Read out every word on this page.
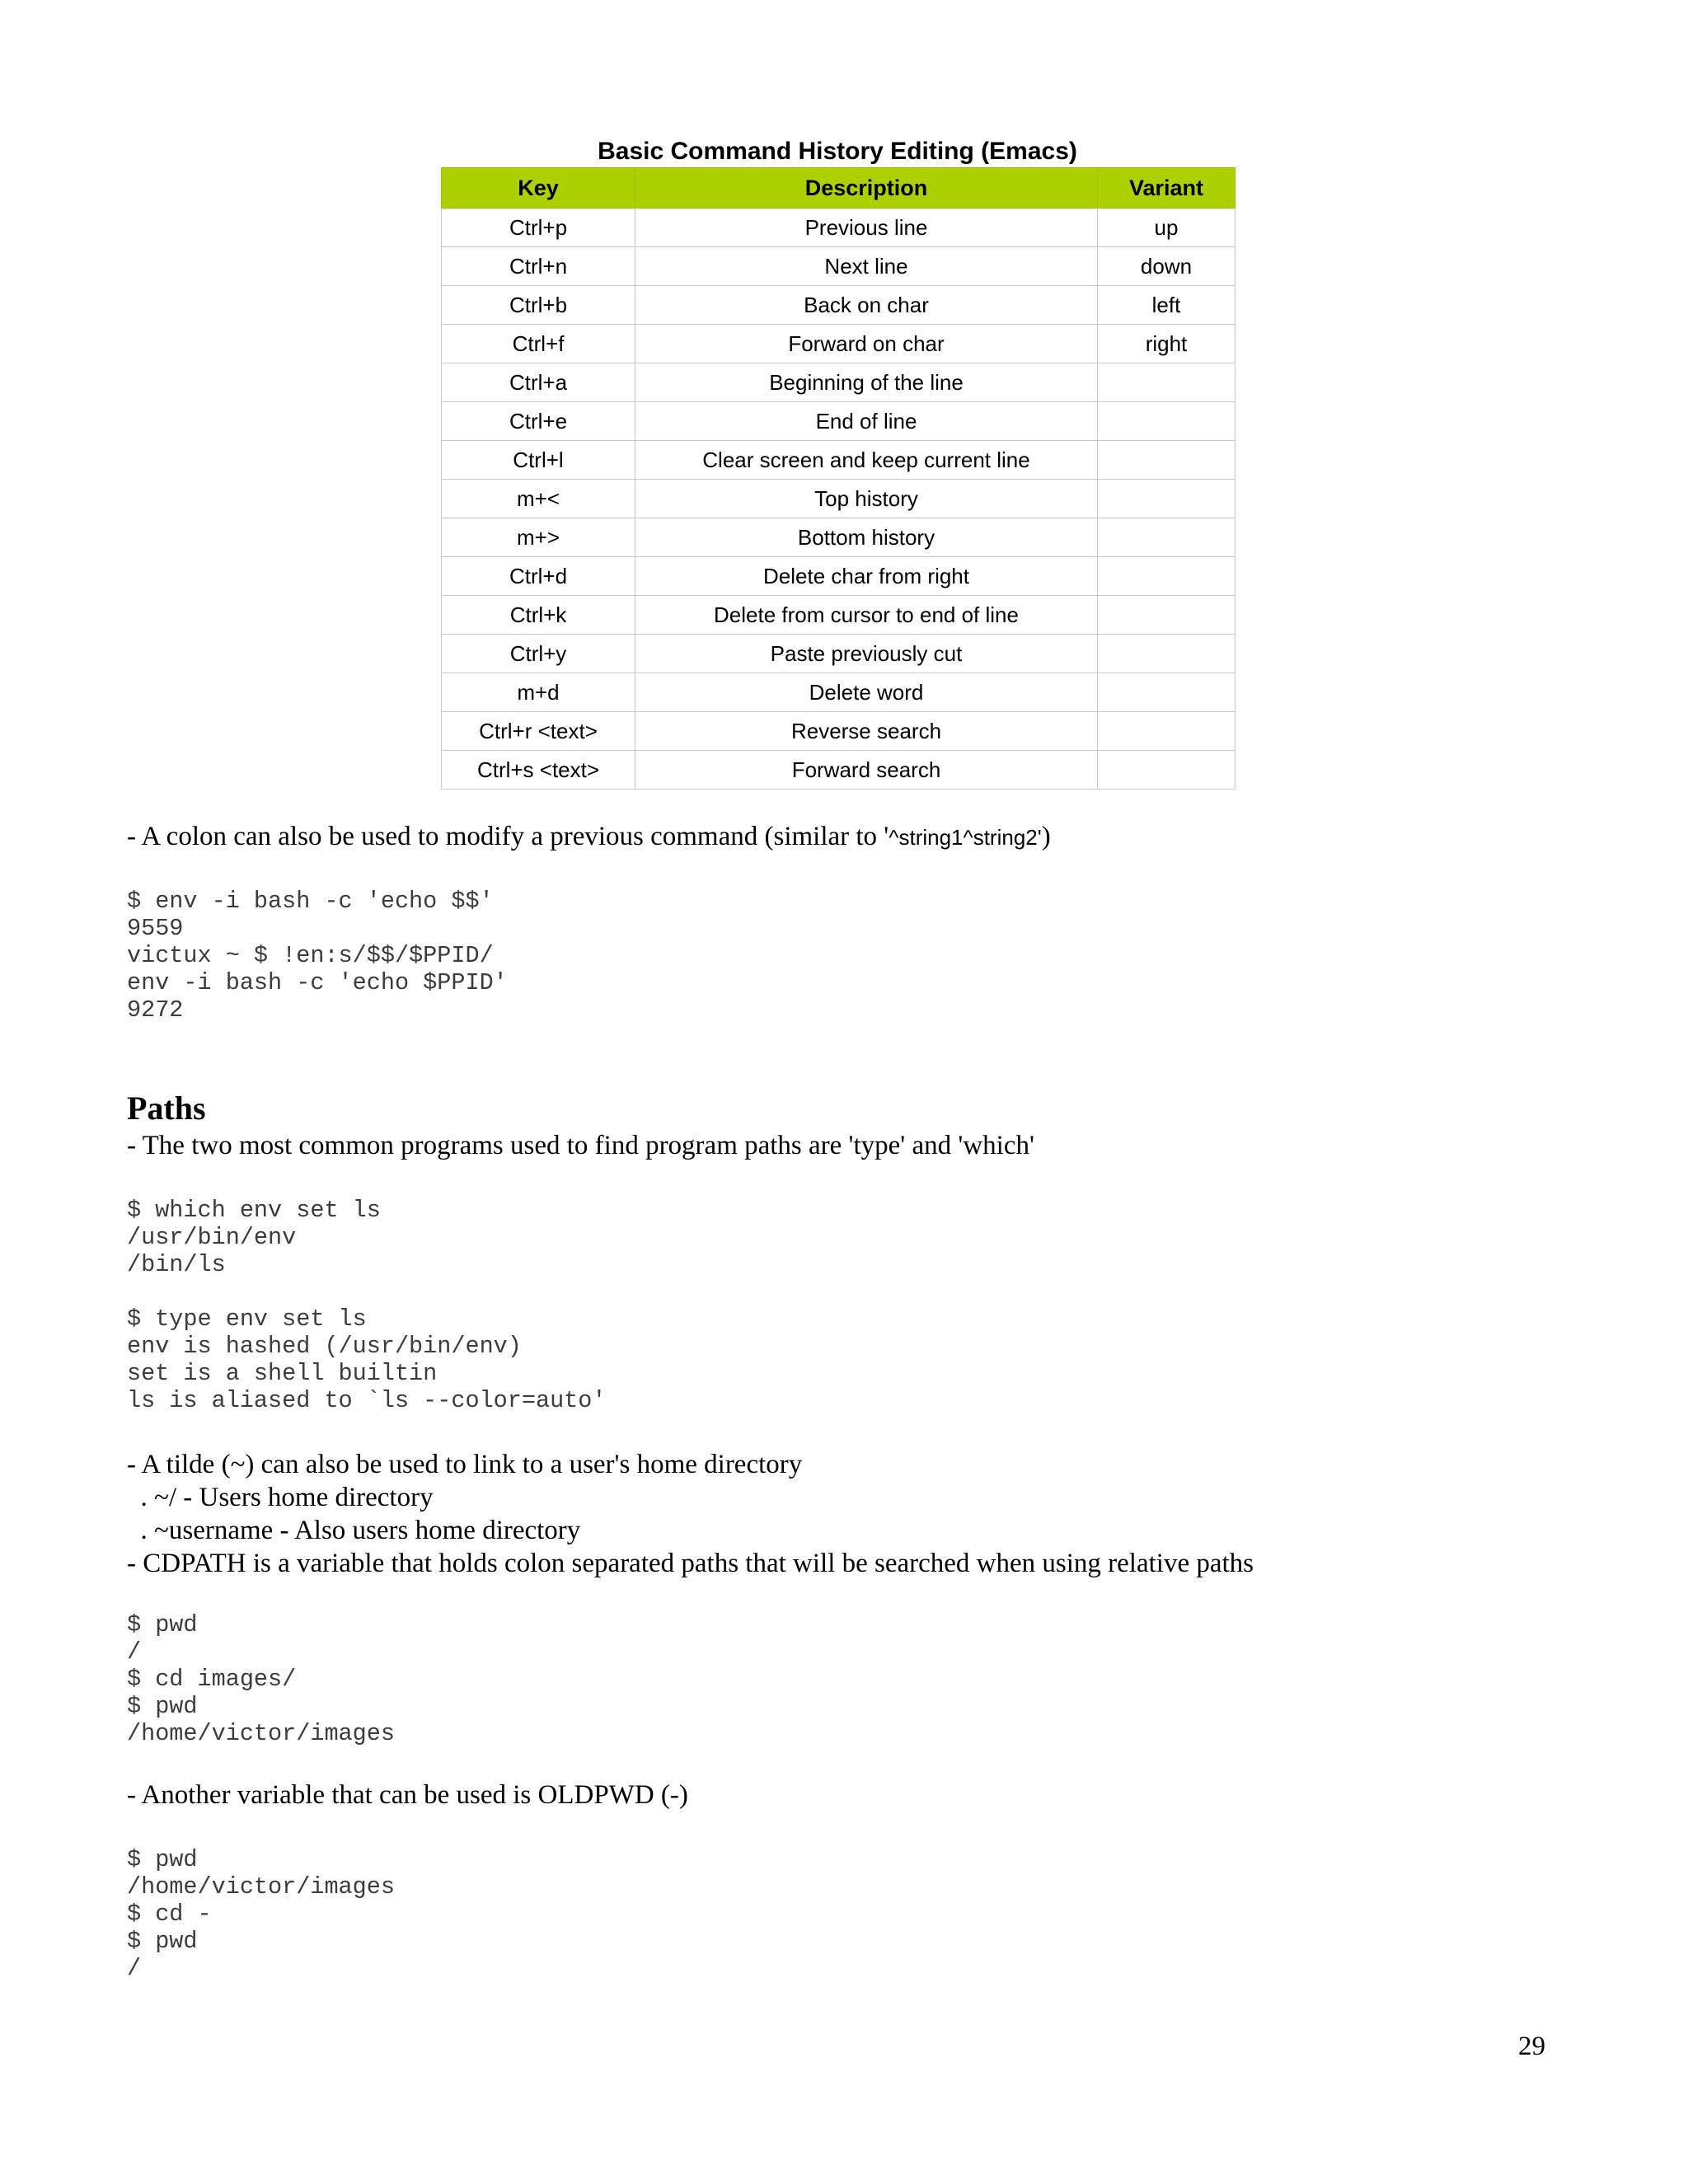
Basic Command History Editing (Emacs)
Key	Description	Variant
Ctrl+p	Previous line	up
Ctrl+n	Next line	down
Ctrl+b	Back on char	left
Ctrl+f	Forward on char	right
Ctrl+a	Beginning of the line	
Ctrl+e	End of line	
Ctrl+l	Clear screen and keep current line	
m+<	Top history	
m+>	Bottom history	
Ctrl+d	Delete char from right	
Ctrl+k	Delete from cursor to end of line	
Ctrl+y	Paste previously cut	
m+d	Delete word	
Ctrl+r <text>	Reverse search	
Ctrl+s <text>	Forward search	
- A colon can also be used to modify a previous command (similar to '^string1^string2')
$ env -i bash -c 'echo $$'
9559
victux ~ $ !en:s/$$/$PPID/
env -i bash -c 'echo $PPID'
9272
Paths
- The two most common programs used to find program paths are 'type' and 'which'
$ which env set ls
/usr/bin/env
/bin/ls
$ type env set ls
env is hashed (/usr/bin/env)
set is a shell builtin
ls is aliased to `ls --color=auto'
- A tilde (~) can also be used to link to a user's home directory
. ~/ - Users home directory
. ~username - Also users home directory
- CDPATH is a variable that holds colon separated paths that will be searched when using relative paths
$ pwd
/
$ cd images/
$ pwd
/home/victor/images
- Another variable that can be used is OLDPWD (-)
$ pwd
/home/victor/images
$ cd -
$ pwd
/
29
